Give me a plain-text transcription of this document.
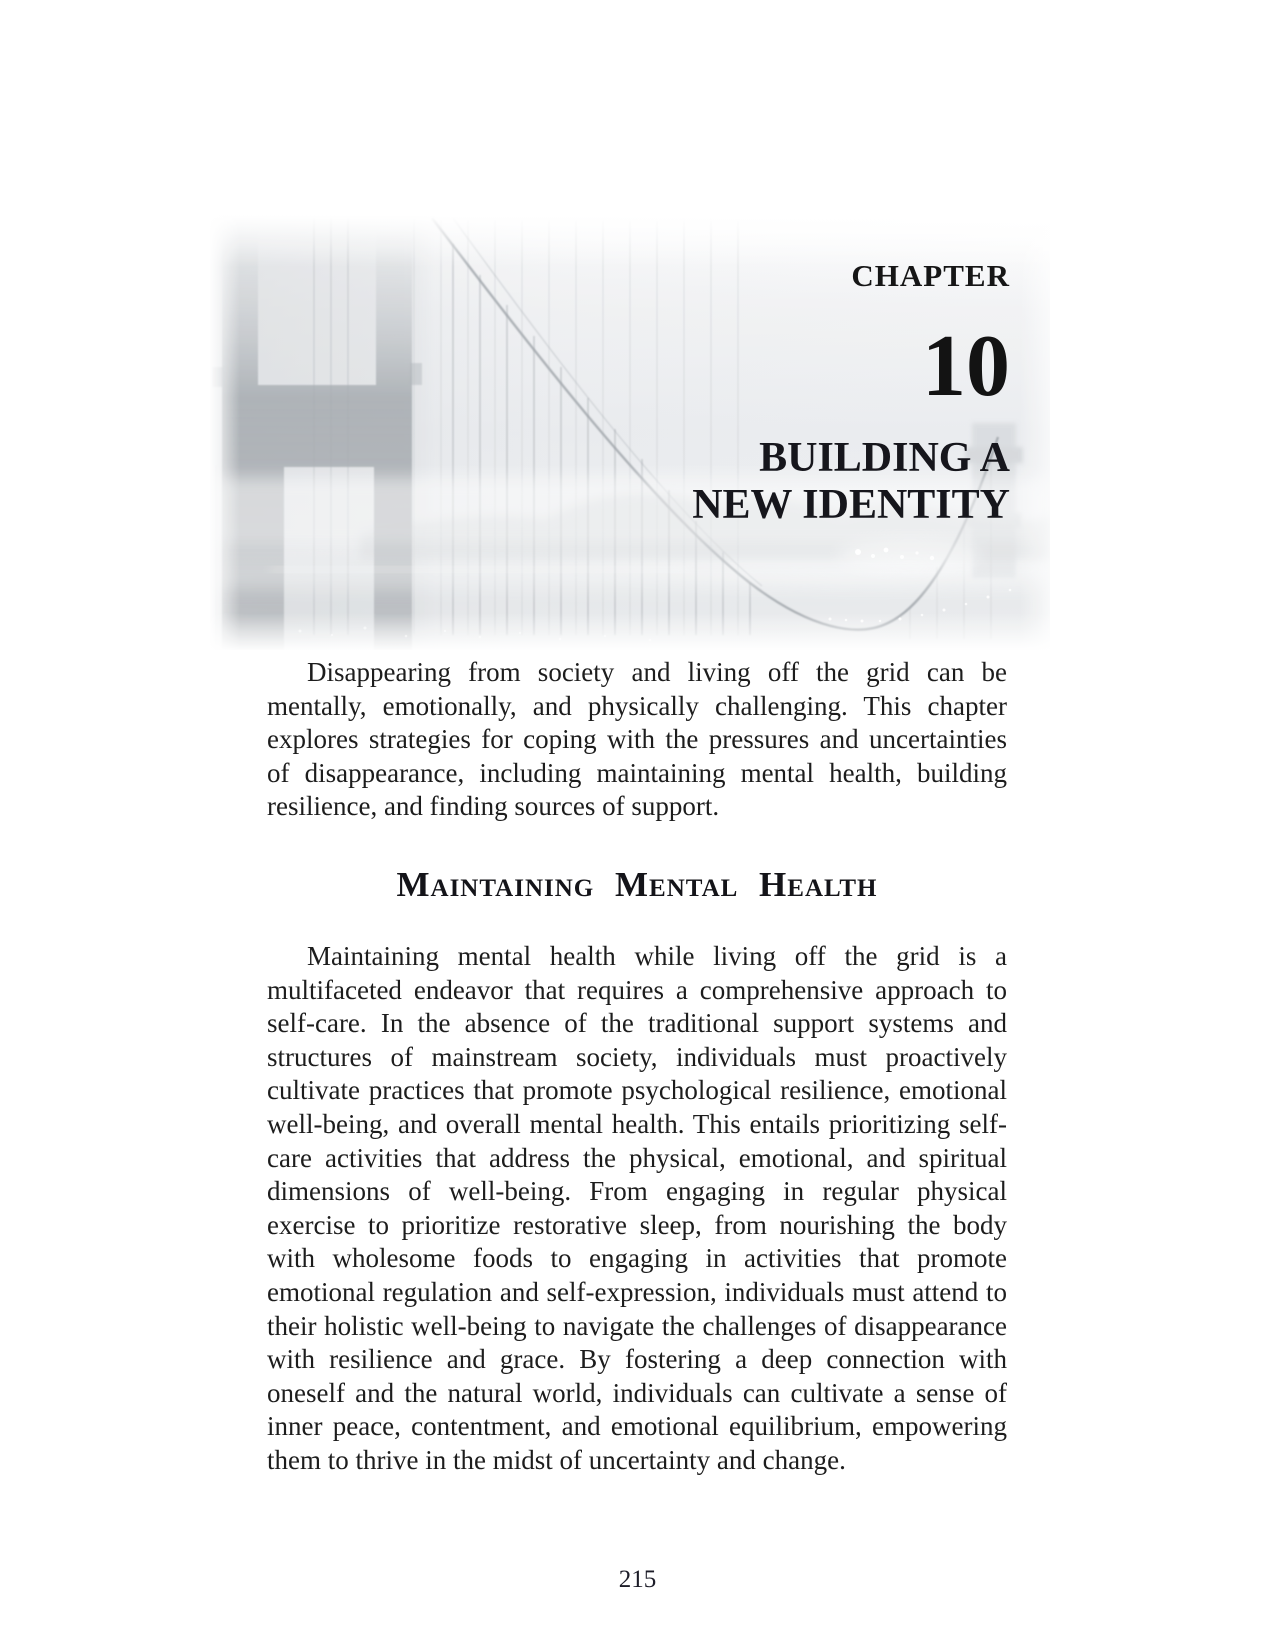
CHAPTER
10
BUILDING A
NEW IDENTITY
Disappearing from society and living off the grid can be
mentally, emotionally, and physically challenging. This chapter
explores strategies for coping with the pressures and uncertainties
of disappearance, including maintaining mental health, building
resilience, and finding sources of support.
Maintaining Mental Health
Maintaining mental health while living off the grid is a
multifaceted endeavor that requires a comprehensive approach to
self-care. In the absence of the traditional support systems and
structures of mainstream society, individuals must proactively
cultivate practices that promote psychological resilience, emotional
well-being, and overall mental health. This entails prioritizing self-
care activities that address the physical, emotional, and spiritual
dimensions of well-being. From engaging in regular physical
exercise to prioritize restorative sleep, from nourishing the body
with wholesome foods to engaging in activities that promote
emotional regulation and self-expression, individuals must attend to
their holistic well-being to navigate the challenges of disappearance
with resilience and grace. By fostering a deep connection with
oneself and the natural world, individuals can cultivate a sense of
inner peace, contentment, and emotional equilibrium, empowering
them to thrive in the midst of uncertainty and change.
215
